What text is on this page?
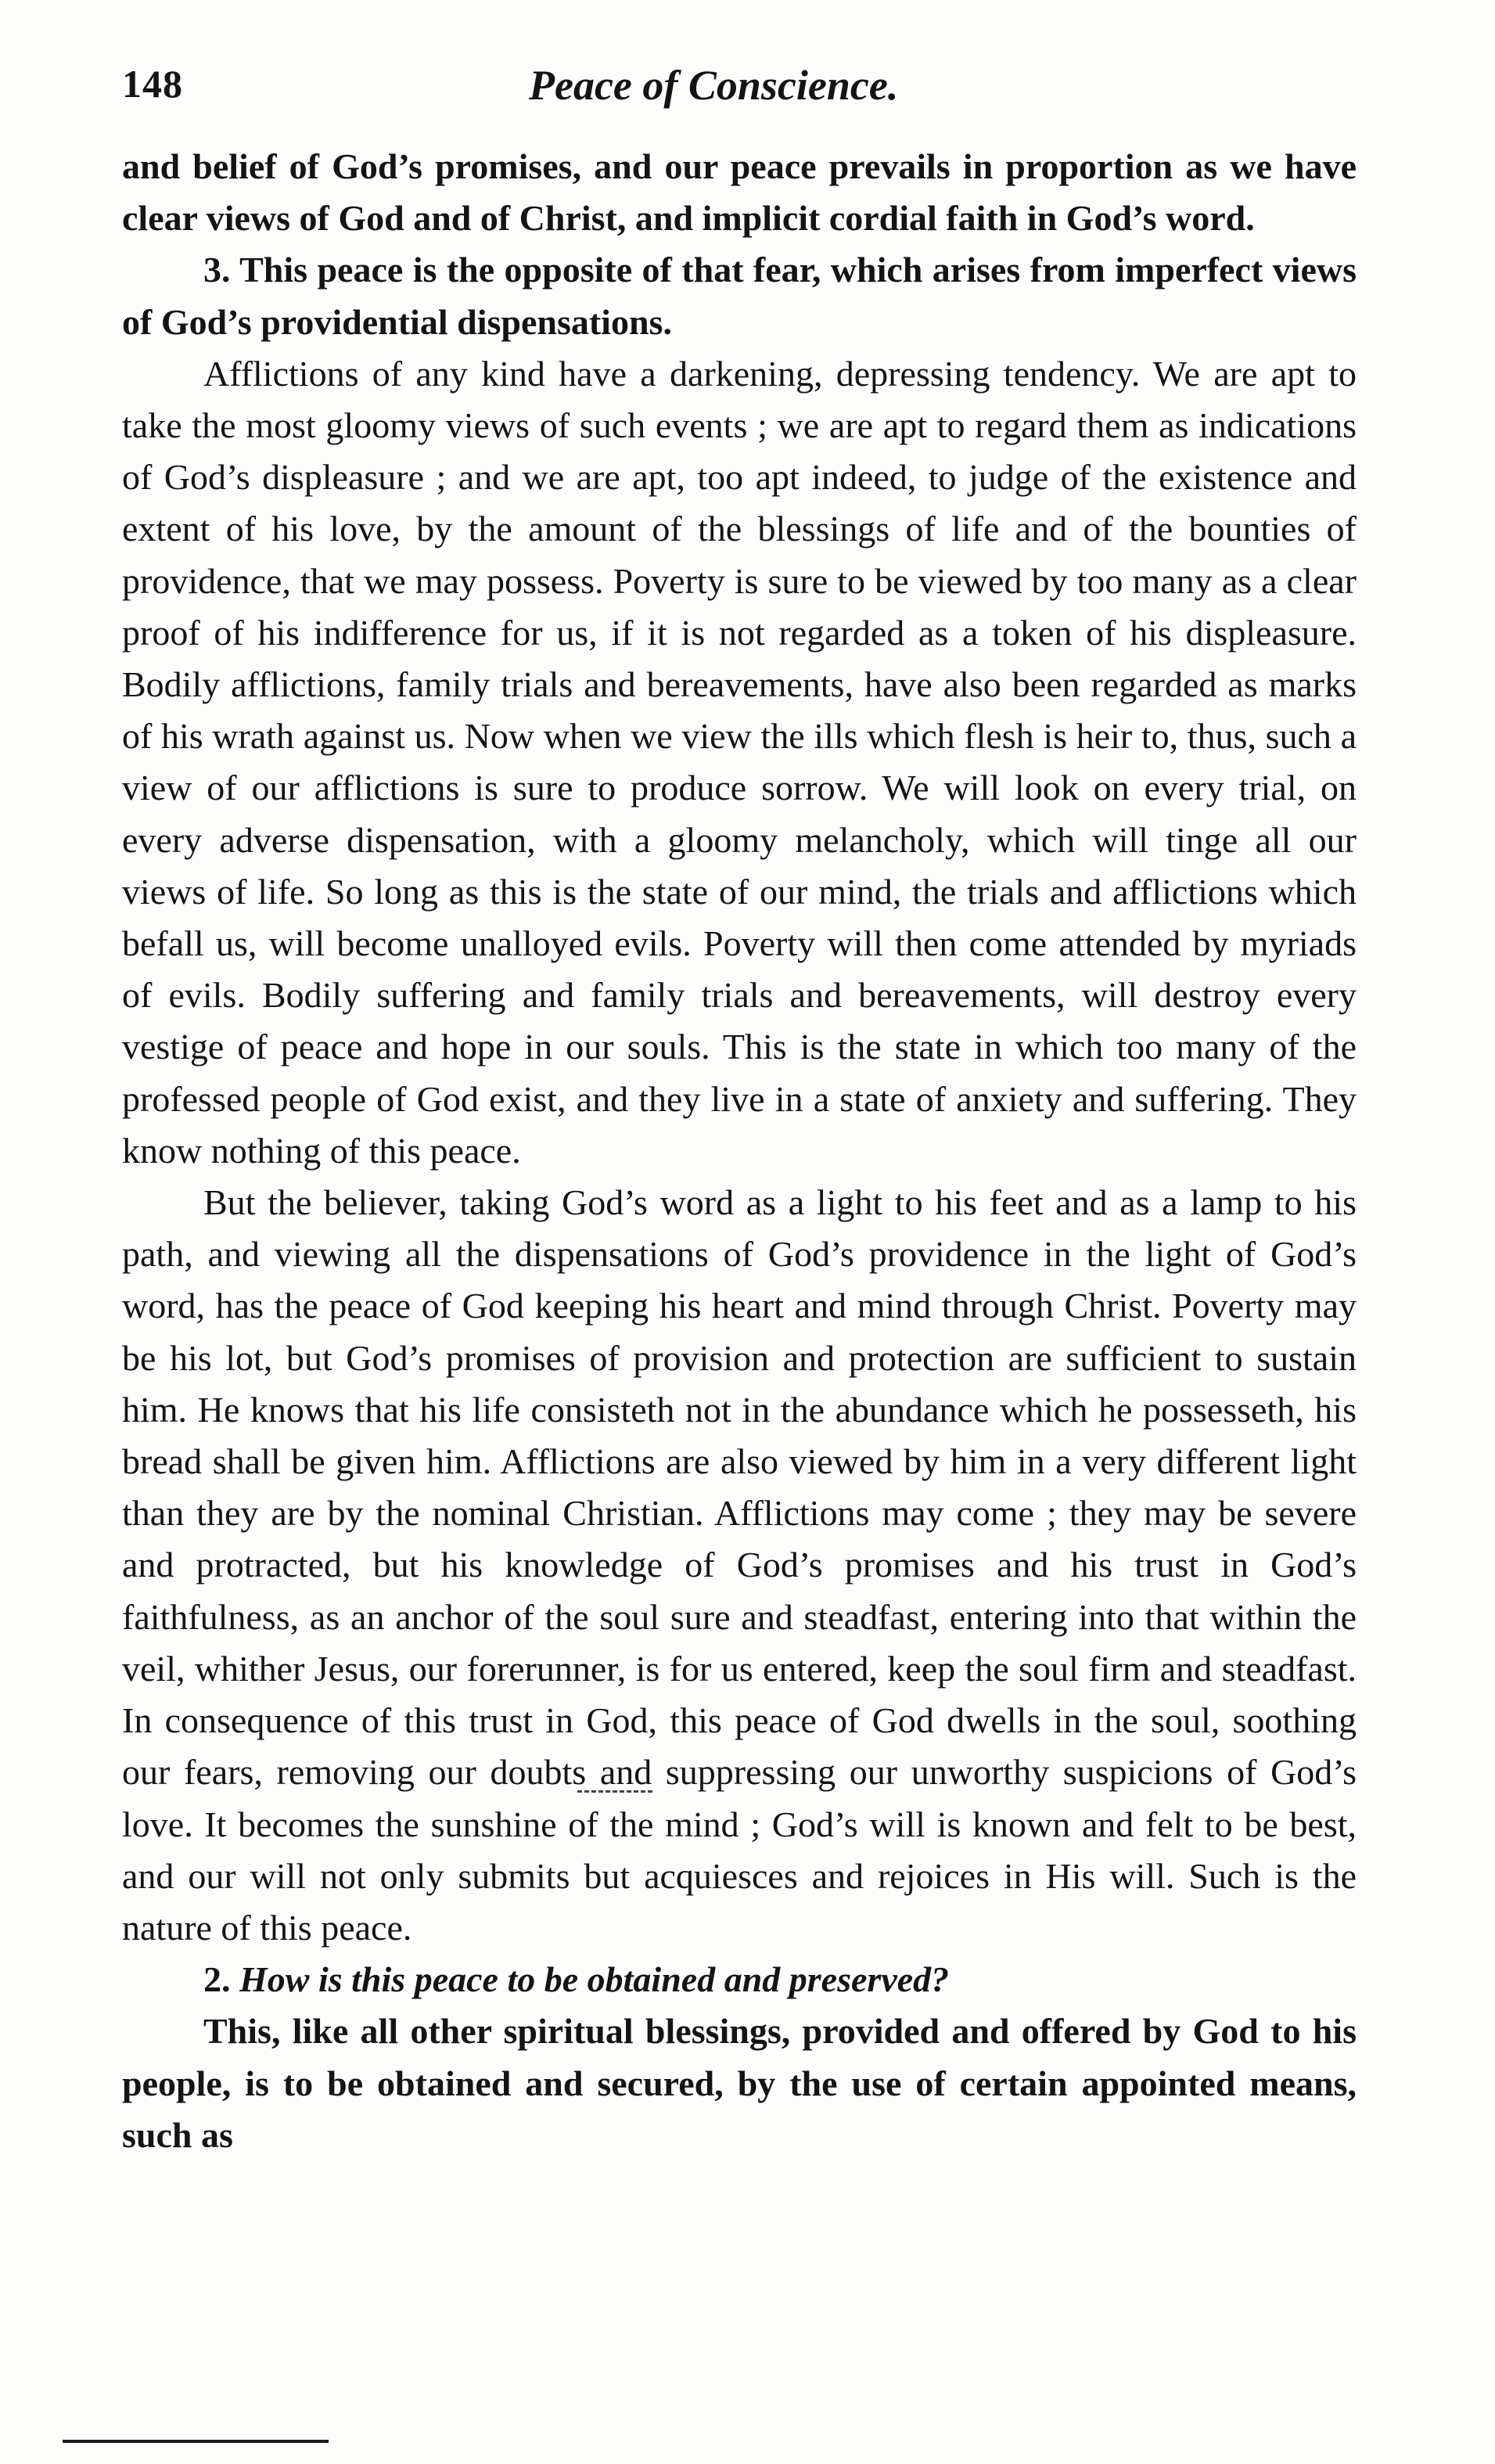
148	Peace of Conscience.

and belief of God’s promises, and our peace prevails in proportion as we have clear views of God and of Christ, and implicit cordial faith in God’s word.

3. This peace is the opposite of that fear, which arises from imperfect views of God’s providential dispensations.

Afflictions of any kind have a darkening, depressing tendency. We are apt to take the most gloomy views of such events ; we are apt to regard them as indications of God’s displeasure ; and we are apt, too apt indeed, to judge of the existence and extent of his love, by the amount of the blessings of life and of the bounties of providence, that we may possess. Poverty is sure to be viewed by too many as a clear proof of his indifference for us, if it is not regarded as a token of his displeasure. Bodily afflictions, family trials and bereavements, have also been regarded as marks of his wrath against us. Now when we view the ills which flesh is heir to, thus, such a view of our afflictions is sure to produce sorrow. We will look on every trial, on every adverse dispensation, with a gloomy melancholy, which will tinge all our views of life. So long as this is the state of our mind, the trials and afflictions which befall us, will become unalloyed evils. Poverty will then come attended by myriads of evils. Bodily suffering and family trials and bereavements, will destroy every vestige of peace and hope in our souls. This is the state in which too many of the professed people of God exist, and they live in a state of anxiety and suffering. They know nothing of this peace.

But the believer, taking God’s word as a light to his feet and as a lamp to his path, and viewing all the dispensations of God’s providence in the light of God’s word, has the peace of God keeping his heart and mind through Christ. Poverty may be his lot, but God’s promises of provision and protection are sufficient to sustain him. He knows that his life consisteth not in the abundance which he possesseth, his bread shall be given him. Afflictions are also viewed by him in a very different light than they are by the nominal Christian. Afflictions may come ; they may be severe and protracted, but his knowledge of God’s promises and his trust in God’s faithfulness, as an anchor of the soul sure and steadfast, entering into that within the veil, whither Jesus, our forerunner, is for us entered, keep the soul firm and steadfast. In consequence of this trust in God, this peace of God dwells in the soul, soothing our fears, removing our doubts and suppressing our unworthy suspicions of God’s love. It becomes the sunshine of the mind ; God’s will is known and felt to be best, and our will not only submits but acquiesces and rejoices in His will. Such is the nature of this peace.

2. How is this peace to be obtained and preserved?

This, like all other spiritual blessings, provided and offered by God to his people, is to be obtained and secured, by the use of certain appointed means, such as
